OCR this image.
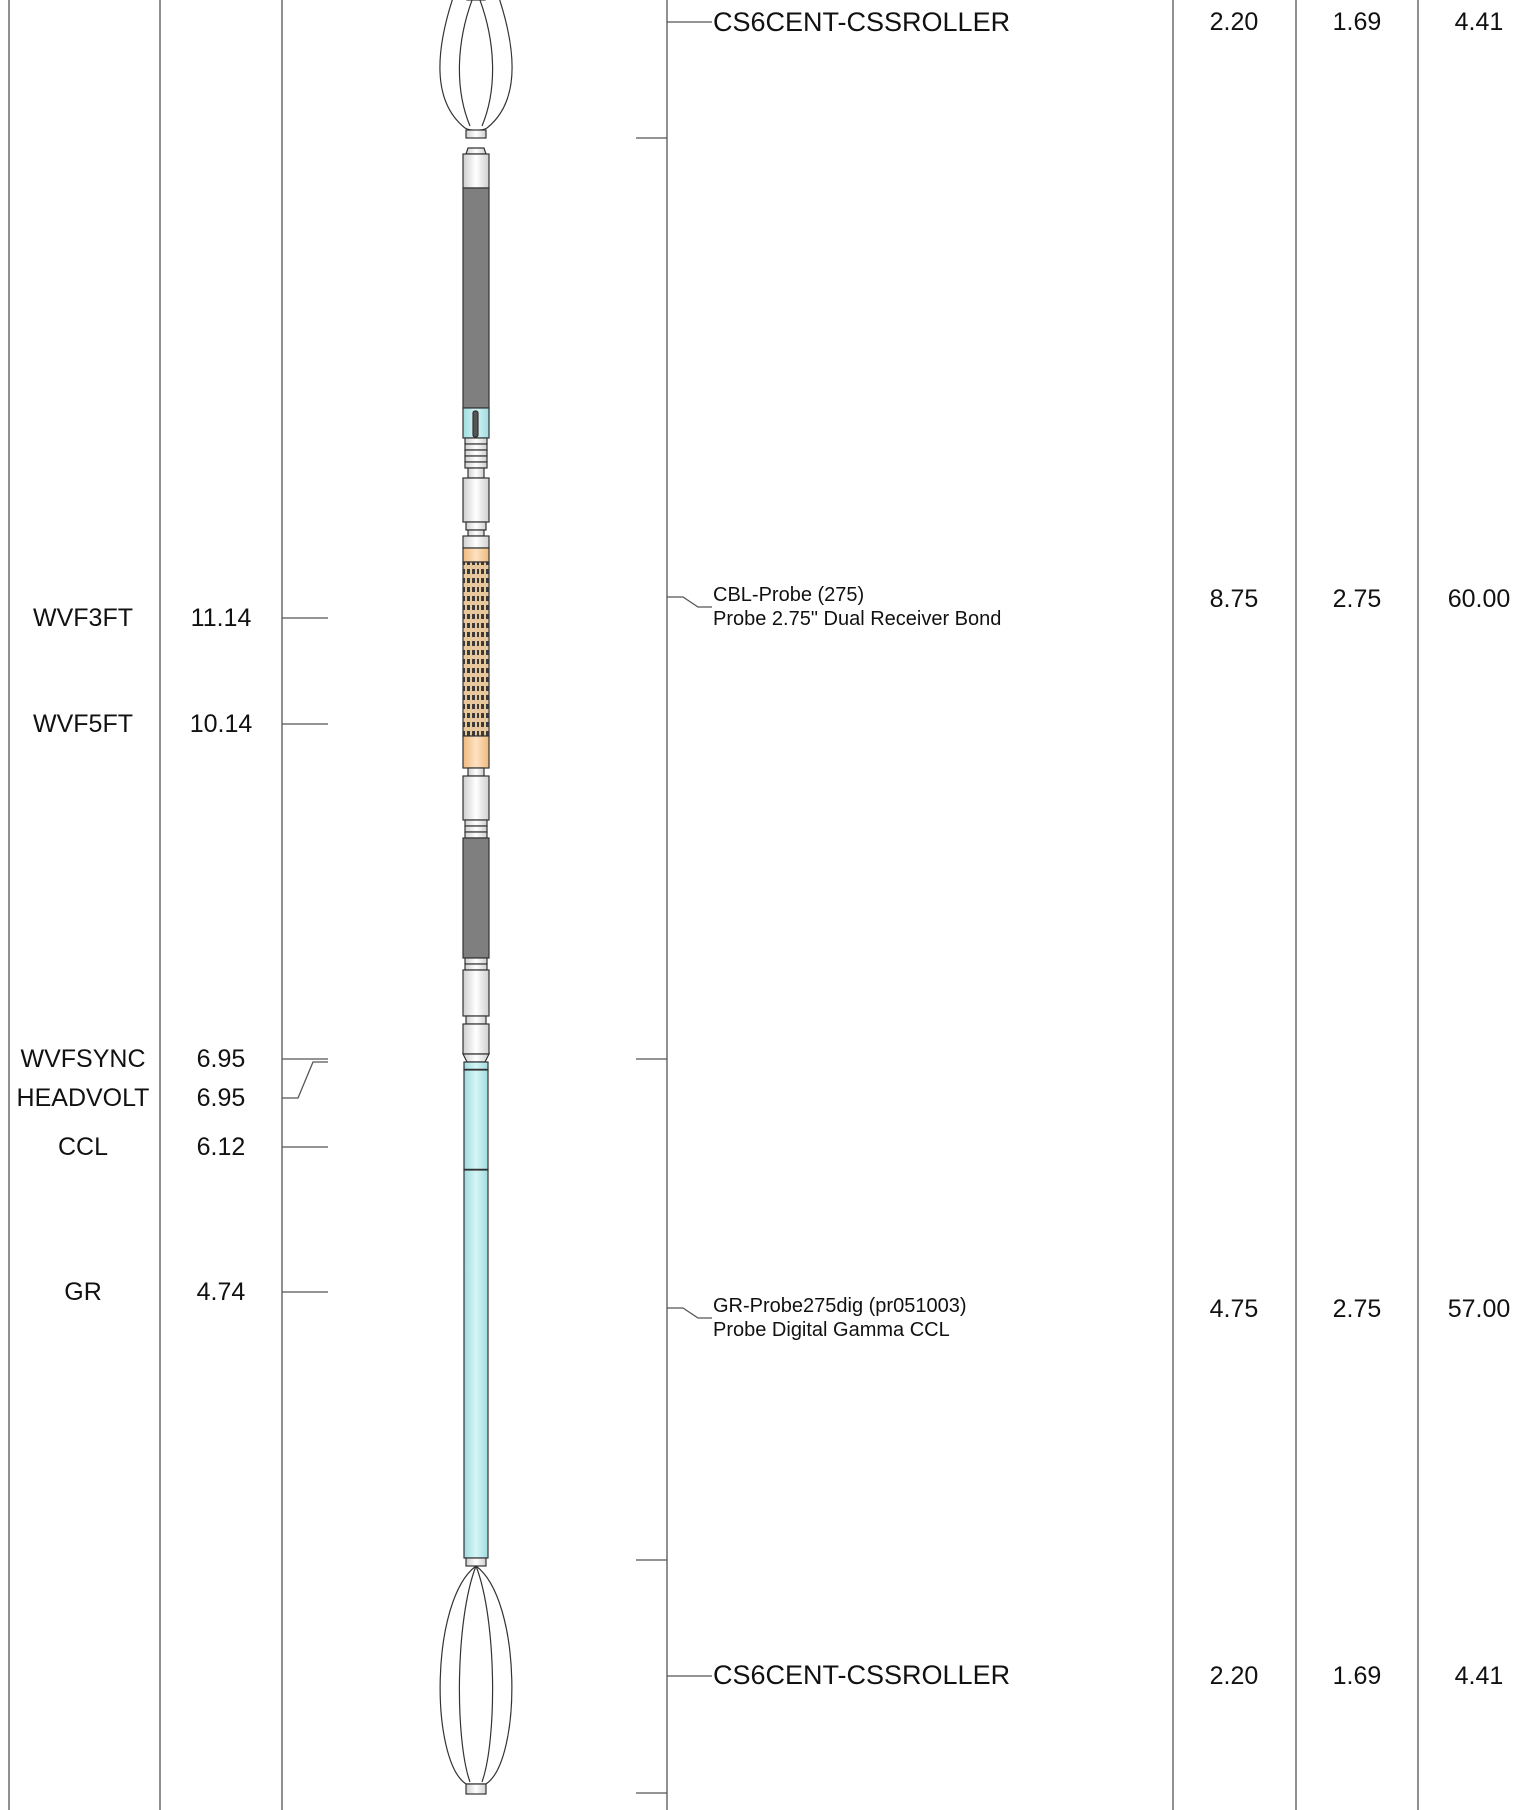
WVF3FT
WVF5FT
WVFSYNC
HEADVOLT
CCL
GR
11.14
10.14
6.95
6.95
6.12
4.74
CS6CENT-CSSROLLER
CBL-Probe (275)
Probe 2.75" Dual Receiver Bond
GR-Probe275dig (pr051003)
Probe Digital Gamma CCL
CS6CENT-CSSROLLER
2.20
8.75
4.75
2.20
1.69
2.75
2.75
1.69
4.41
60.00
57.00
4.41
